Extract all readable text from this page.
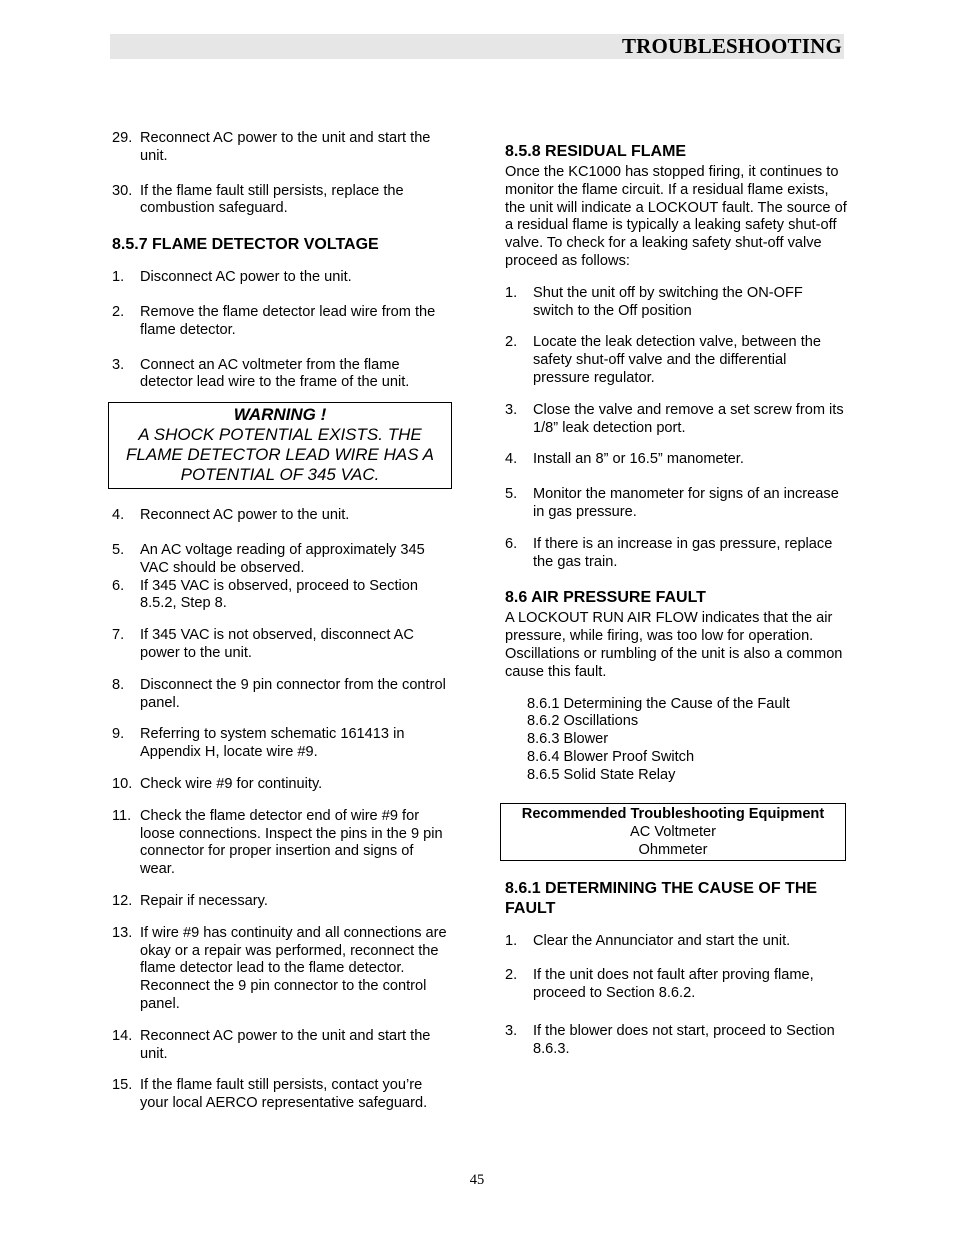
TROUBLESHOOTING
29. Reconnect AC power to the unit and start the unit.
30. If the flame fault still persists, replace the combustion safeguard.
8.5.7 FLAME DETECTOR VOLTAGE
1. Disconnect AC power to the unit.
2. Remove the flame detector lead wire from the flame detector.
3. Connect an AC voltmeter from the flame detector lead wire to the frame of the unit.
WARNING !
A SHOCK POTENTIAL EXISTS. THE FLAME DETECTOR LEAD WIRE HAS A POTENTIAL OF 345 VAC.
4. Reconnect AC power to the unit.
5. An AC voltage reading of approximately 345 VAC should be observed.
6. If 345 VAC is observed, proceed to Section 8.5.2, Step 8.
7. If 345 VAC is not observed, disconnect AC power to the unit.
8. Disconnect the 9 pin connector from the control panel.
9. Referring to system schematic 161413 in Appendix H, locate wire #9.
10. Check wire #9 for continuity.
11. Check the flame detector end of wire #9 for loose connections. Inspect the pins in the 9 pin connector for proper insertion and signs of wear.
12. Repair if necessary.
13. If wire #9 has continuity and all connections are okay or a repair was performed, reconnect the flame detector lead to the flame detector. Reconnect the 9 pin connector to the control panel.
14. Reconnect AC power to the unit and start the unit.
15. If the flame fault still persists, contact you’re your local AERCO representative safeguard.
8.5.8 RESIDUAL FLAME
Once the KC1000 has stopped firing, it continues to monitor the flame circuit. If a residual flame exists, the unit will indicate a LOCKOUT fault. The source of a residual flame is typically a leaking safety shut-off valve. To check for a leaking safety shut-off valve proceed as follows:
1. Shut the unit off by switching the ON-OFF switch to the Off position
2. Locate the leak detection valve, between the safety shut-off valve and the differential pressure regulator.
3. Close the valve and remove a set screw from its 1/8” leak detection port.
4. Install an 8” or 16.5” manometer.
5. Monitor the manometer for signs of an increase in gas pressure.
6. If there is an increase in gas pressure, replace the gas train.
8.6 AIR PRESSURE FAULT
A LOCKOUT RUN AIR FLOW indicates that the air pressure, while firing, was too low for operation. Oscillations or rumbling of the unit is also a common cause this fault.
8.6.1 Determining the Cause of the Fault
8.6.2 Oscillations
8.6.3 Blower
8.6.4 Blower Proof Switch
8.6.5 Solid State Relay
Recommended Troubleshooting Equipment
AC Voltmeter
Ohmmeter
8.6.1 DETERMINING THE CAUSE OF THE FAULT
1. Clear the Annunciator and start the unit.
2. If the unit does not fault after proving flame, proceed to Section 8.6.2.
3. If the blower does not start, proceed to Section 8.6.3.
45
